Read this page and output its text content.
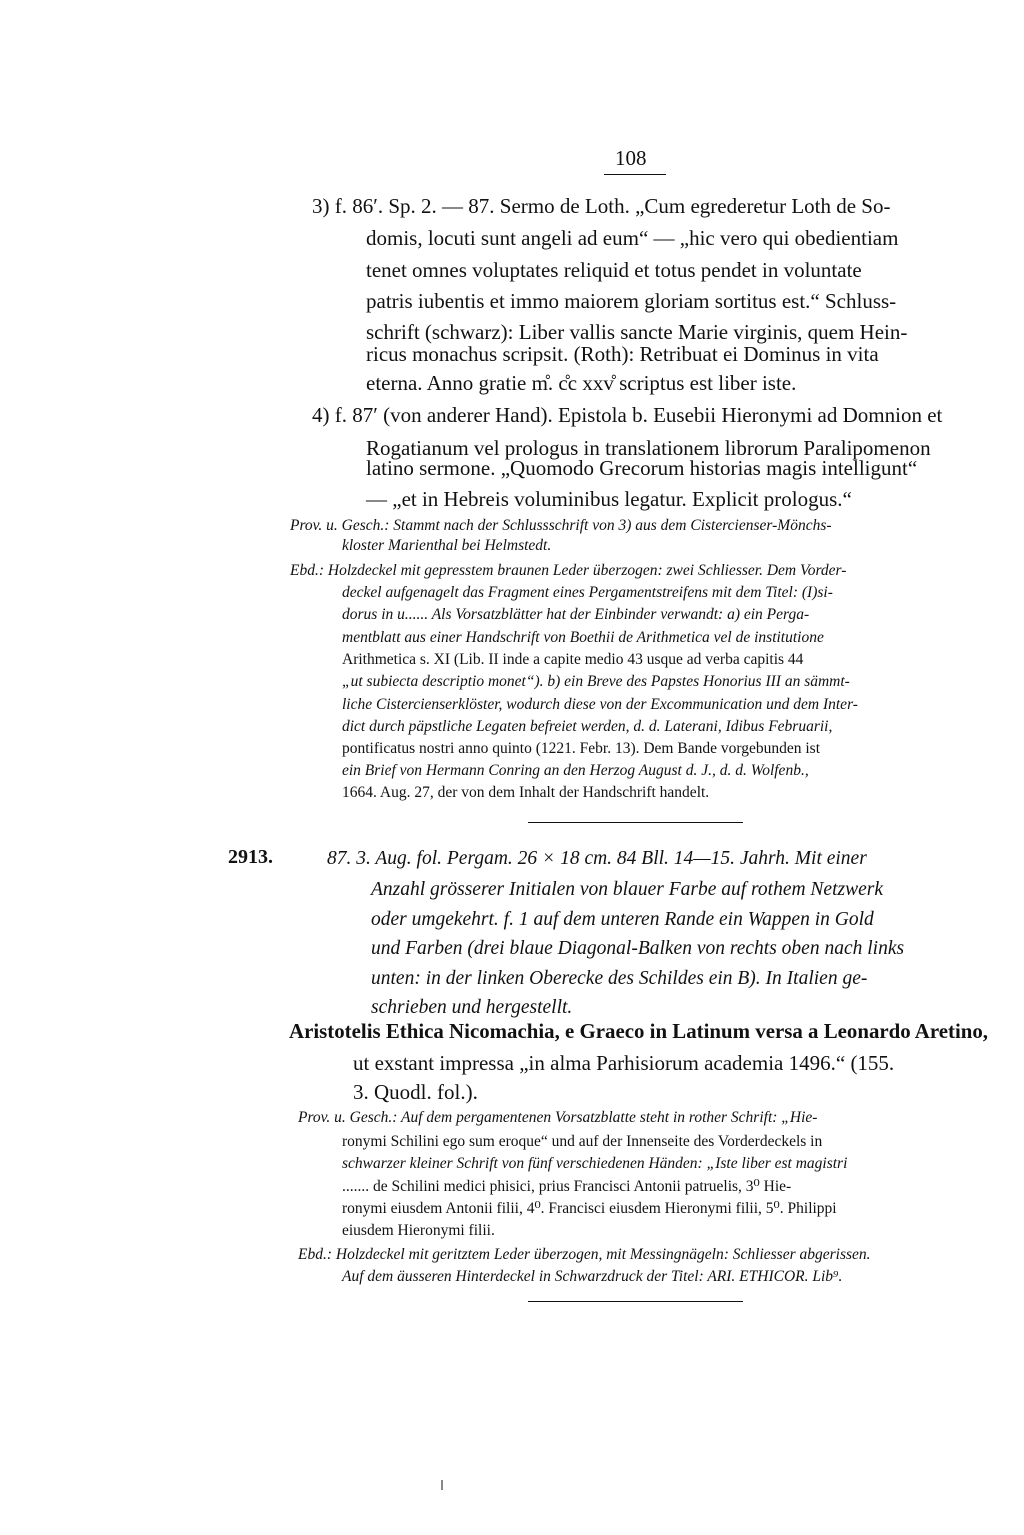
108
3) f. 86′. Sp. 2. — 87. Sermo de Loth. „Cum egrederetur Loth de So-
domis, locuti sunt angeli ad eum“ — „hic vero qui obedientiam
tenet omnes voluptates reliquid et totus pendet in voluntate
patris iubentis et immo maiorem gloriam sortitus est.“ Schluss-
schrift (schwarz): Liber vallis sancte Marie virginis, quem Hein-
ricus monachus scripsit. (Roth): Retribuat ei Dominus in vita
eterna. Anno gratie m̊. c̊c xxv̊ scriptus est liber iste.
4) f. 87′ (von anderer Hand). Epistola b. Eusebii Hieronymi ad Domnion et
Rogatianum vel prologus in translationem librorum Paralipomenon
latino sermone. „Quomodo Grecorum historias magis intelligunt“
— „et in Hebreis voluminibus legatur. Explicit prologus.“
Prov. u. Gesch.: Stammt nach der Schlussschrift von 3) aus dem Cistercienser-Mönchs-
kloster Marienthal bei Helmstedt.
Ebd.: Holzdeckel mit gepresstem braunen Leder überzogen: zwei Schliesser. Dem Vorder-
deckel aufgenagelt das Fragment eines Pergamentstreifens mit dem Titel: (I)si-
dorus in u...... Als Vorsatzblätter hat der Einbinder verwandt: a) ein Perga-
mentblatt aus einer Handschrift von Boethii de Arithmetica vel de institutione
Arithmetica s. XI (Lib. II inde a capite medio 43 usque ad verba capitis 44
„ut subiecta descriptio monet“). b) ein Breve des Papstes Honorius III an sämmt-
liche Cistercienserklöster, wodurch diese von der Excommunication und dem Inter-
dict durch päpstliche Legaten befreiet werden, d. d. Laterani, Idibus Februarii,
pontificatus nostri anno quinto (1221. Febr. 13). Dem Bande vorgebunden ist
ein Brief von Hermann Conring an den Herzog August d. J., d. d. Wolfenb.,
1664. Aug. 27, der von dem Inhalt der Handschrift handelt.
2913.	87. 3. Aug. fol. Pergam. 26 × 18 cm. 84 Bll. 14—15. Jahrh. Mit einer
Anzahl grösserer Initialen von blauer Farbe auf rothem Netzwerk
oder umgekehrt. f. 1 auf dem unteren Rande ein Wappen in Gold
und Farben (drei blaue Diagonal-Balken von rechts oben nach links
unten: in der linken Oberecke des Schildes ein B). In Italien ge-
schrieben und hergestellt.
Aristotelis Ethica Nicomachia, e Graeco in Latinum versa a Leonardo Aretino,
ut exstant impressa „in alma Parhisiorum academia 1496.“ (155.
3. Quodl. fol.).
Prov. u. Gesch.: Auf dem pergamentenen Vorsatzblatte steht in rother Schrift: „Hie-
ronymi Schilini ego sum eroque“ und auf der Innenseite des Vorderdeckels in
schwarzer kleiner Schrift von fünf verschiedenen Händen: „Iste liber est magistri
....... de Schilini medici phisici, prius Francisci Antonii patruelis, 3⁰ Hie-
ronymi eiusdem Antonii filii, 4⁰. Francisci eiusdem Hieronymi filii, 5⁰. Philippi
eiusdem Hieronymi filii.
Ebd.: Holzdeckel mit geritztem Leder überzogen, mit Messingnägeln: Schliesser abgerissen.
Auf dem äusseren Hinterdeckel in Schwarzdruck der Titel: ARI. ETHICOR. Lib⁹.
